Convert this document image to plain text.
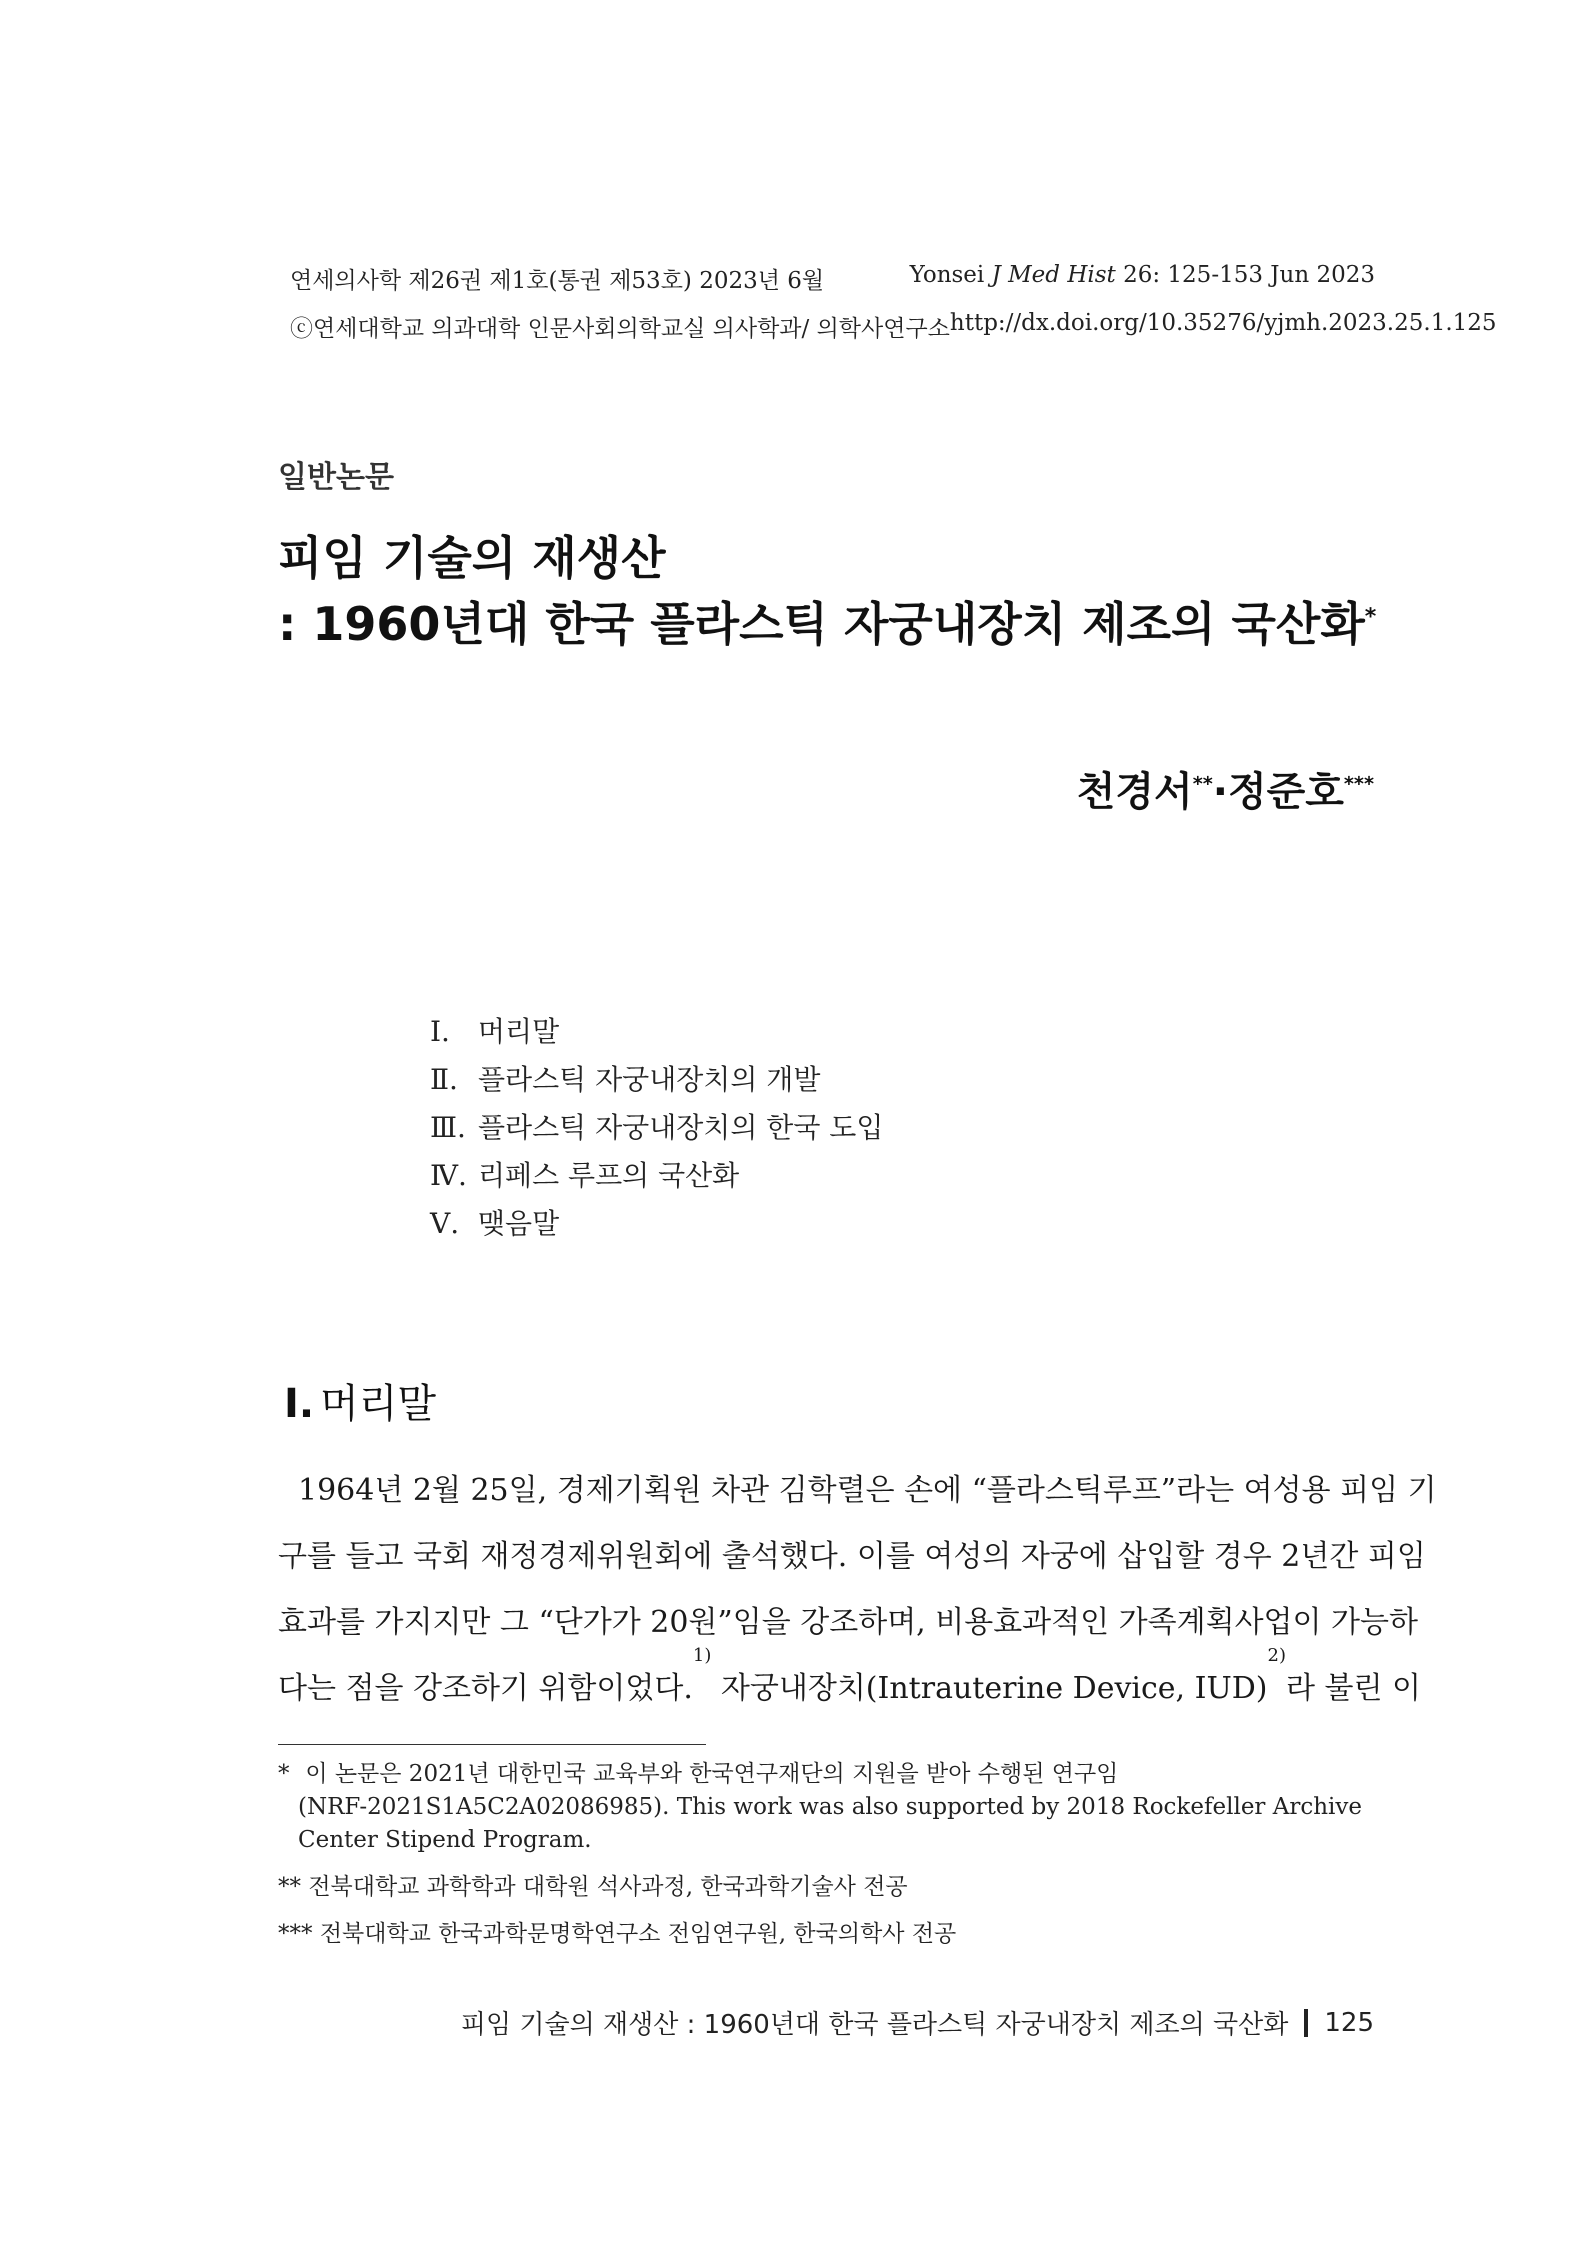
연세의사학 제26권 제1호(통권 제53호) 2023년 6월	Yonsei J Med Hist 26: 125-153 Jun 2023
ⓒ연세대학교 의과대학 인문사회의학교실 의사학과/ 의학사연구소 http://dx.doi.org/10.35276/yjmh.2023.25.1.125
일반논문
피임 기술의 재생산
: 1960년대 한국 플라스틱 자궁내장치 제조의 국산화*
천경서**·정준호***
Ⅰ.	머리말
Ⅱ. 플라스틱 자궁내장치의 개발
Ⅲ. 플라스틱 자궁내장치의 한국 도입
Ⅳ. 리페스 루프의 국산화
Ⅴ. 맺음말
Ⅰ. 머리말
1964년 2월 25일, 경제기획원 차관 김학렬은 손에 “플라스틱루프”라는 여성용 피임 기
구를 들고 국회 재정경제위원회에 출석했다. 이를 여성의 자궁에 삽입할 경우 2년간 피임
효과를 가지지만 그 “단가가 20원”임을 강조하며, 비용효과적인 가족계획사업이 가능하
다는 점을 강조하기 위함이었다.
1)
자궁내장치(Intrauterine Device, IUD)
2)
라 불린 이
* 이 논문은 2021년 대한민국 교육부와 한국연구재단의 지원을 받아 수행된 연구임
(NRF-2021S1A5C2A02086985). This work was also supported by 2018 Rockefeller Archive
Center Stipend Program.
** 전북대학교 과학학과 대학원 석사과정, 한국과학기술사 전공
*** 전북대학교 한국과학문명학연구소 전임연구원, 한국의학사 전공
피임 기술의 재생산 : 1960년대 한국 플라스틱 자궁내장치 제조의 국산화 125
